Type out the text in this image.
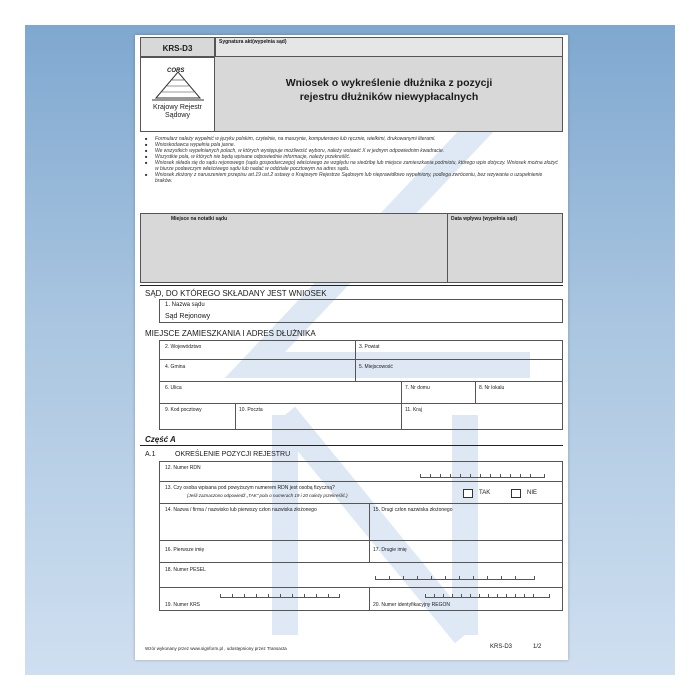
KRS-D3
Sygnatura akt(wypełnia sąd)
CORS
Krajowy Rejestr
Sądowy
Wniosek o wykreślenie dłużnika z pozycji
rejestru dłużników niewypłacalnych
■ Formularz należy wypełnić w języku polskim, czytelnie, na maszynie, komputerowo lub ręcznie, wielkimi, drukowanymi literami.
■ Wnioskodawca wypełnia pola jasne.
■ We wszystkich wypełnianych polach, w których występuje możliwość wyboru, należy wstawić X w jednym odpowiednim kwadracie.
■ Wszystkie pola, w których nie będą wpisane odpowiednie informacje, należy przekreślić.
■ Wniosek składa się do sądu rejonowego (sądu gospodarczego) właściwego ze względu na siedzibę lub miejsce zamieszkania podmiotu, którego wpis dotyczy. Wniosek można złożyć w biurze podawczym właściwego sądu lub nadać w oddziale pocztowym na adres sądu.
■ Wniosek złożony z naruszeniem przepisu art.19 ust.2 ustawy o Krajowym Rejestrze Sądowym lub nieprawidłowo wypełniony, podlega zwróceniu, bez wzywania o uzupełnienie braków.
Miejsce na notatki sądu	Data wpływu (wypełnia sąd)
SĄD, DO KTÓREGO SKŁADANY JEST WNIOSEK
1. Nazwa sądu
Sąd Rejonowy
MIEJSCE ZAMIESZKANIA I ADRES DŁUŻNIKA
2. Województwo	3. Powiat
4. Gmina	5. Miejscowość
6. Ulica	7. Nr domu	8. Nr lokalu
9. Kod pocztowy	10. Poczta	11. Kraj
Część A
A.1	OKREŚLENIE POZYCJI REJESTRU
12. Numer RDN
13. Czy osoba wpisana pod powyższym numerem RDN jest osobą fizyczną?
(Jeśli zaznaczono odpowiedź „TAK" pola o numerach 19 i 20 należy przekreślić.)	TAK	NIE
14. Nazwa / firma / nazwisko lub pierwszy człon nazwiska złożonego	15. Drugi człon nazwiska złożonego
16. Pierwsze imię	17. Drugie imię
18. Numer PESEL
19. Numer KRS	20. Numer identyfikacyjny REGON
Wzór wykonany przez www.signform.pl , udostępniony przez Transacta	KRS-D3	1/2
